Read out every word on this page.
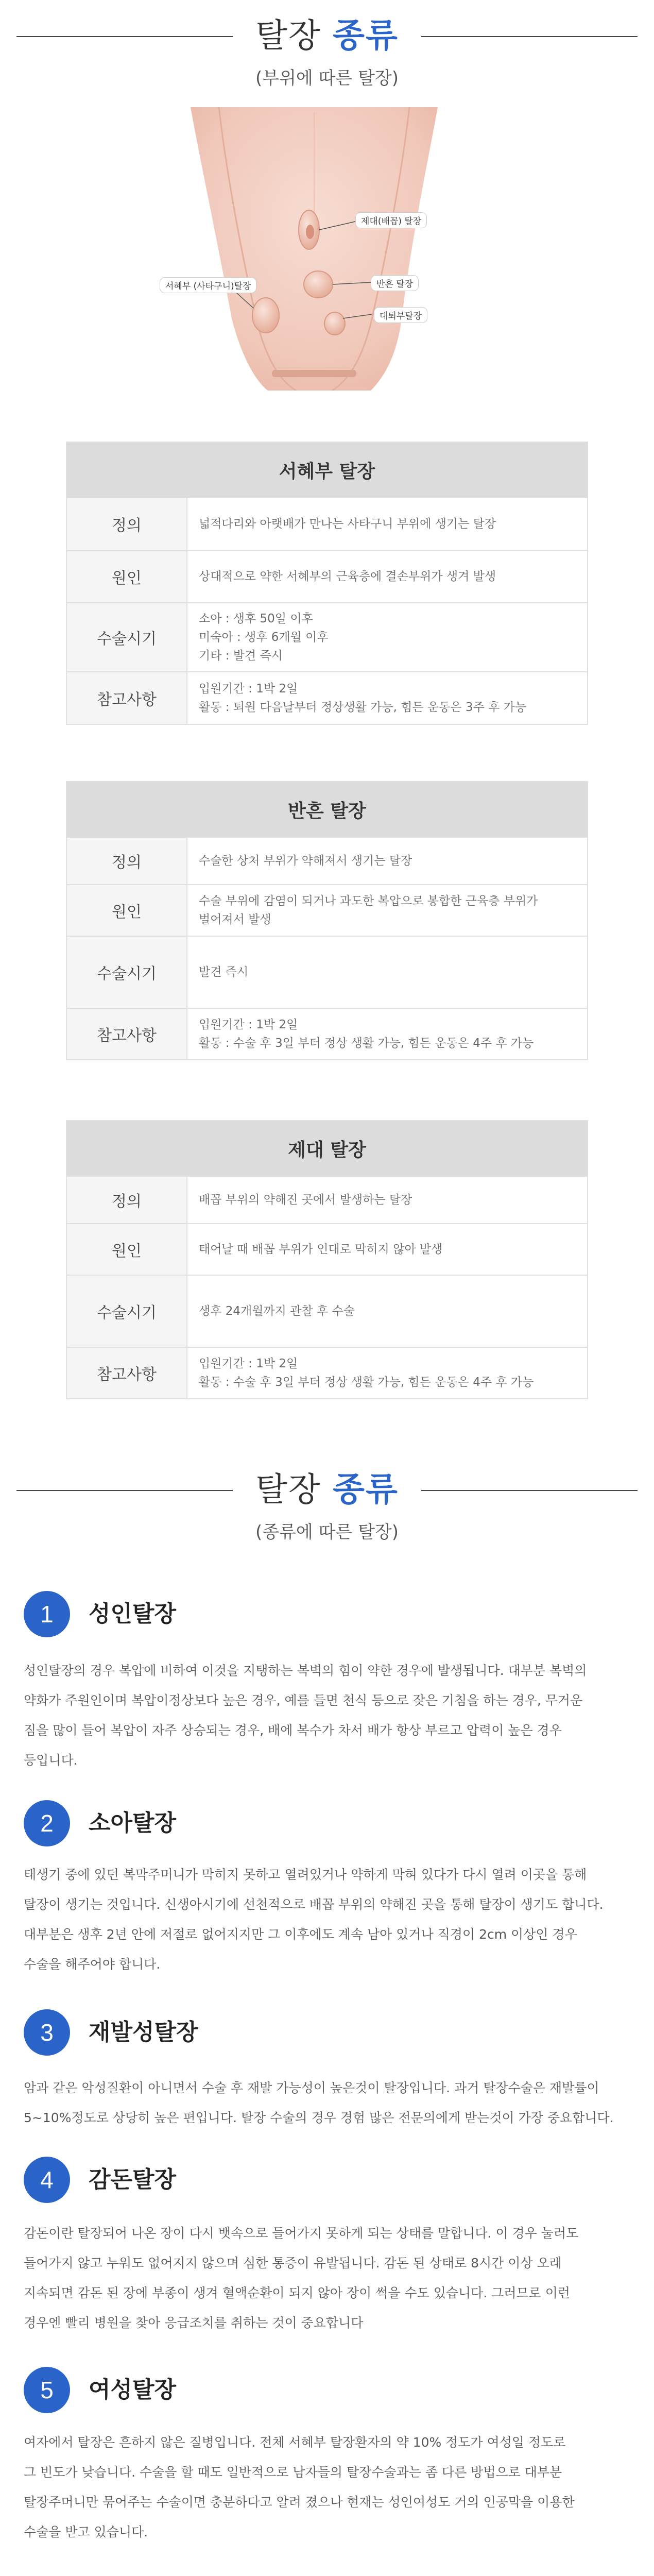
탈장 종류
(부위에 따른 탈장)
제대(배꼽) 탈장
서혜부 (사타구니)탈장	반흔 탈장
대퇴부탈장
서혜부 탈장	
정의	넓적다리와 아랫배가 만나는 사타구니 부위에 생기는 탈장

원인	상대적으로 약한 서혜부의 근육층에 결손부위가 생겨 발생

수술시기	소아 : 생후 50일 이후
미숙아 : 생후 6개월 이후
기타 : 발견 즉시

참고사항	입원기간 : 1박 2일
활동 : 퇴원 다음날부터 정상생활 가능, 힘든 운동은 3주 후 가능
반흔 탈장	
정의	수술한 상처 부위가 약해져서 생기는 탈장

원인	수술 부위에 감염이 되거나 과도한 복압으로 봉합한 근육층 부위가
벌어져서 발생

수술시기	발견 즉시

참고사항	입원기간 : 1박 2일
활동 : 수술 후 3일 부터 정상 생활 가능, 힘든 운동은 4주 후 가능
제대 탈장	
정의	배꼽 부위의 약해진 곳에서 발생하는 탈장

원인	태어날 때 배꼽 부위가 인대로 막히지 않아 발생

수술시기	생후 24개월까지 관찰 후 수술

참고사항	입원기간 : 1박 2일
활동 : 수술 후 3일 부터 정상 생활 가능, 힘든 운동은 4주 후 가능
탈장 종류
(종류에 따른 탈장)
1	성인탈장
성인탈장의 경우 복압에 비하여 이것을 지탱하는 복벽의 힘이 약한 경우에 발생됩니다. 대부분 복벽의
약화가 주원인이며 복압이정상보다 높은 경우, 예를 들면 천식 등으로 잦은 기침을 하는 경우, 무거운
짐을 많이 들어 복압이 자주 상승되는 경우, 배에 복수가 차서 배가 항상 부르고 압력이 높은 경우
등입니다.
2	소아탈장
태생기 중에 있던 복막주머니가 막히지 못하고 열려있거나 약하게 막혀 있다가 다시 열려 이곳을 통해
탈장이 생기는 것입니다. 신생아시기에 선천적으로 배꼽 부위의 약해진 곳을 통해 탈장이 생기도 합니다.
대부분은 생후 2년 안에 저절로 없어지지만 그 이후에도 계속 남아 있거나 직경이 2cm 이상인 경우
수술을 해주어야 합니다.
3	재발성탈장
암과 같은 악성질환이 아니면서 수술 후 재발 가능성이 높은것이 탈장입니다. 과거 탈장수술은 재발률이
5~10%정도로 상당히 높은 편입니다. 탈장 수술의 경우 경험 많은 전문의에게 받는것이 가장 중요합니다.
4	감돈탈장
감돈이란 탈장되어 나온 장이 다시 뱃속으로 들어가지 못하게 되는 상태를 말합니다. 이 경우 눌러도
들어가지 않고 누워도 없어지지 않으며 심한 통증이 유발됩니다. 감돈 된 상태로 8시간 이상 오래
지속되면 감돈 된 장에 부종이 생겨 혈액순환이 되지 않아 장이 썩을 수도 있습니다. 그러므로 이런
경우엔 빨리 병원을 찾아 응급조치를 취하는 것이 중요합니다
5	여성탈장
여자에서 탈장은 흔하지 않은 질병입니다. 전체 서혜부 탈장환자의 약 10% 정도가 여성일 정도로
그 빈도가 낮습니다. 수술을 할 때도 일반적으로 남자들의 탈장수술과는 좀 다른 방법으로 대부분
탈장주머니만 묶어주는 수술이면 충분하다고 알려 졌으나 현재는 성인여성도 거의 인공막을 이용한
수술을 받고 있습니다.
